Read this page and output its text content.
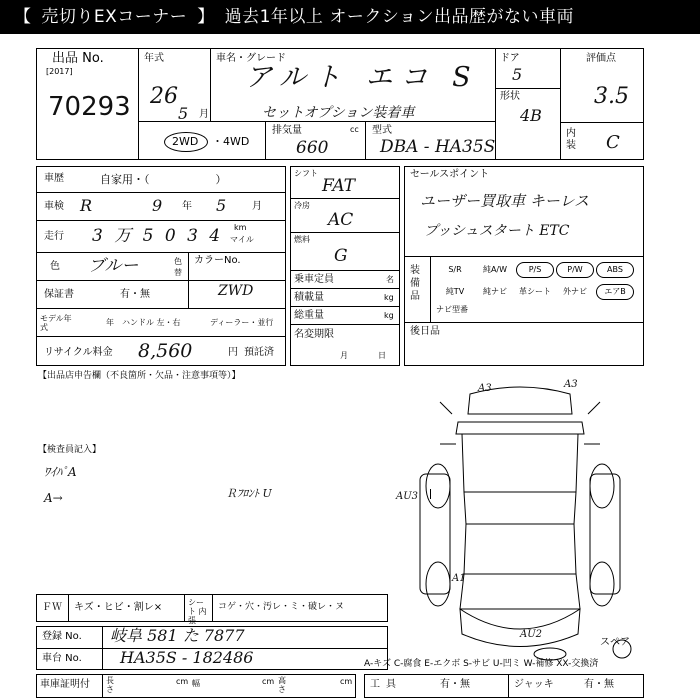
【 売切りEXコーナー 】 過去1年以上 オークション出品歴がない車両
出品 No.
[2017]
70293
年式
26
5 月
車名・グレード
アルト エコ S
セットオプション装着車
ドア
5
形状
4B
評価点
3.5
内装 C
2WD ・4WD
排気量	cc
660
型式
DBA - HA35S
車歴	自家用・（　　　　　　）
車検 R	9 年 5	月
走行 3 万 5 0 3 4 km
マイル
色 ブルー	色替
カラーNo.
ZWD
保証書	有・無
モデル年式
年 ハンドル 左・右	ディーラー・並行
リサイクル料金 8,560	円 預託済
シフト
FAT
冷房
AC
燃料
G
乗車定員	名
積載量	kg
総重量	kg
名変期限
月日
セールスポイント
ユーザー買取車 キーレス
プッシュスタート ETC
装備品
S/R	純A/W	P/S	P/W	ABS
純TV	純ナビ	革シート	外ナビ	エアB
ナビ型番
後日品
【出品店申告欄（不良箇所・欠品・注意事項等）】
【検査員記入】
ﾜｲﾊﾟA
A→	Ｒﾌﾛﾝﾄ U
A3	A3
AU3
A1
AU2
スペア
ＦＷ キズ・ヒビ・割レ×	シート 内張
コゲ・穴・汚レ・ミ・破レ・ヌ
登録 No. 岐阜 581 た 7877
車台 No. HA35S - 182486	A-キズ C-腐食 E-エクボ S-サビ U-凹ミ W-補修 XX-交換済
車庫証明付 長さ
cm 幅	cm 高さ
cm 工具	有・無	ジャッキ	有・無
